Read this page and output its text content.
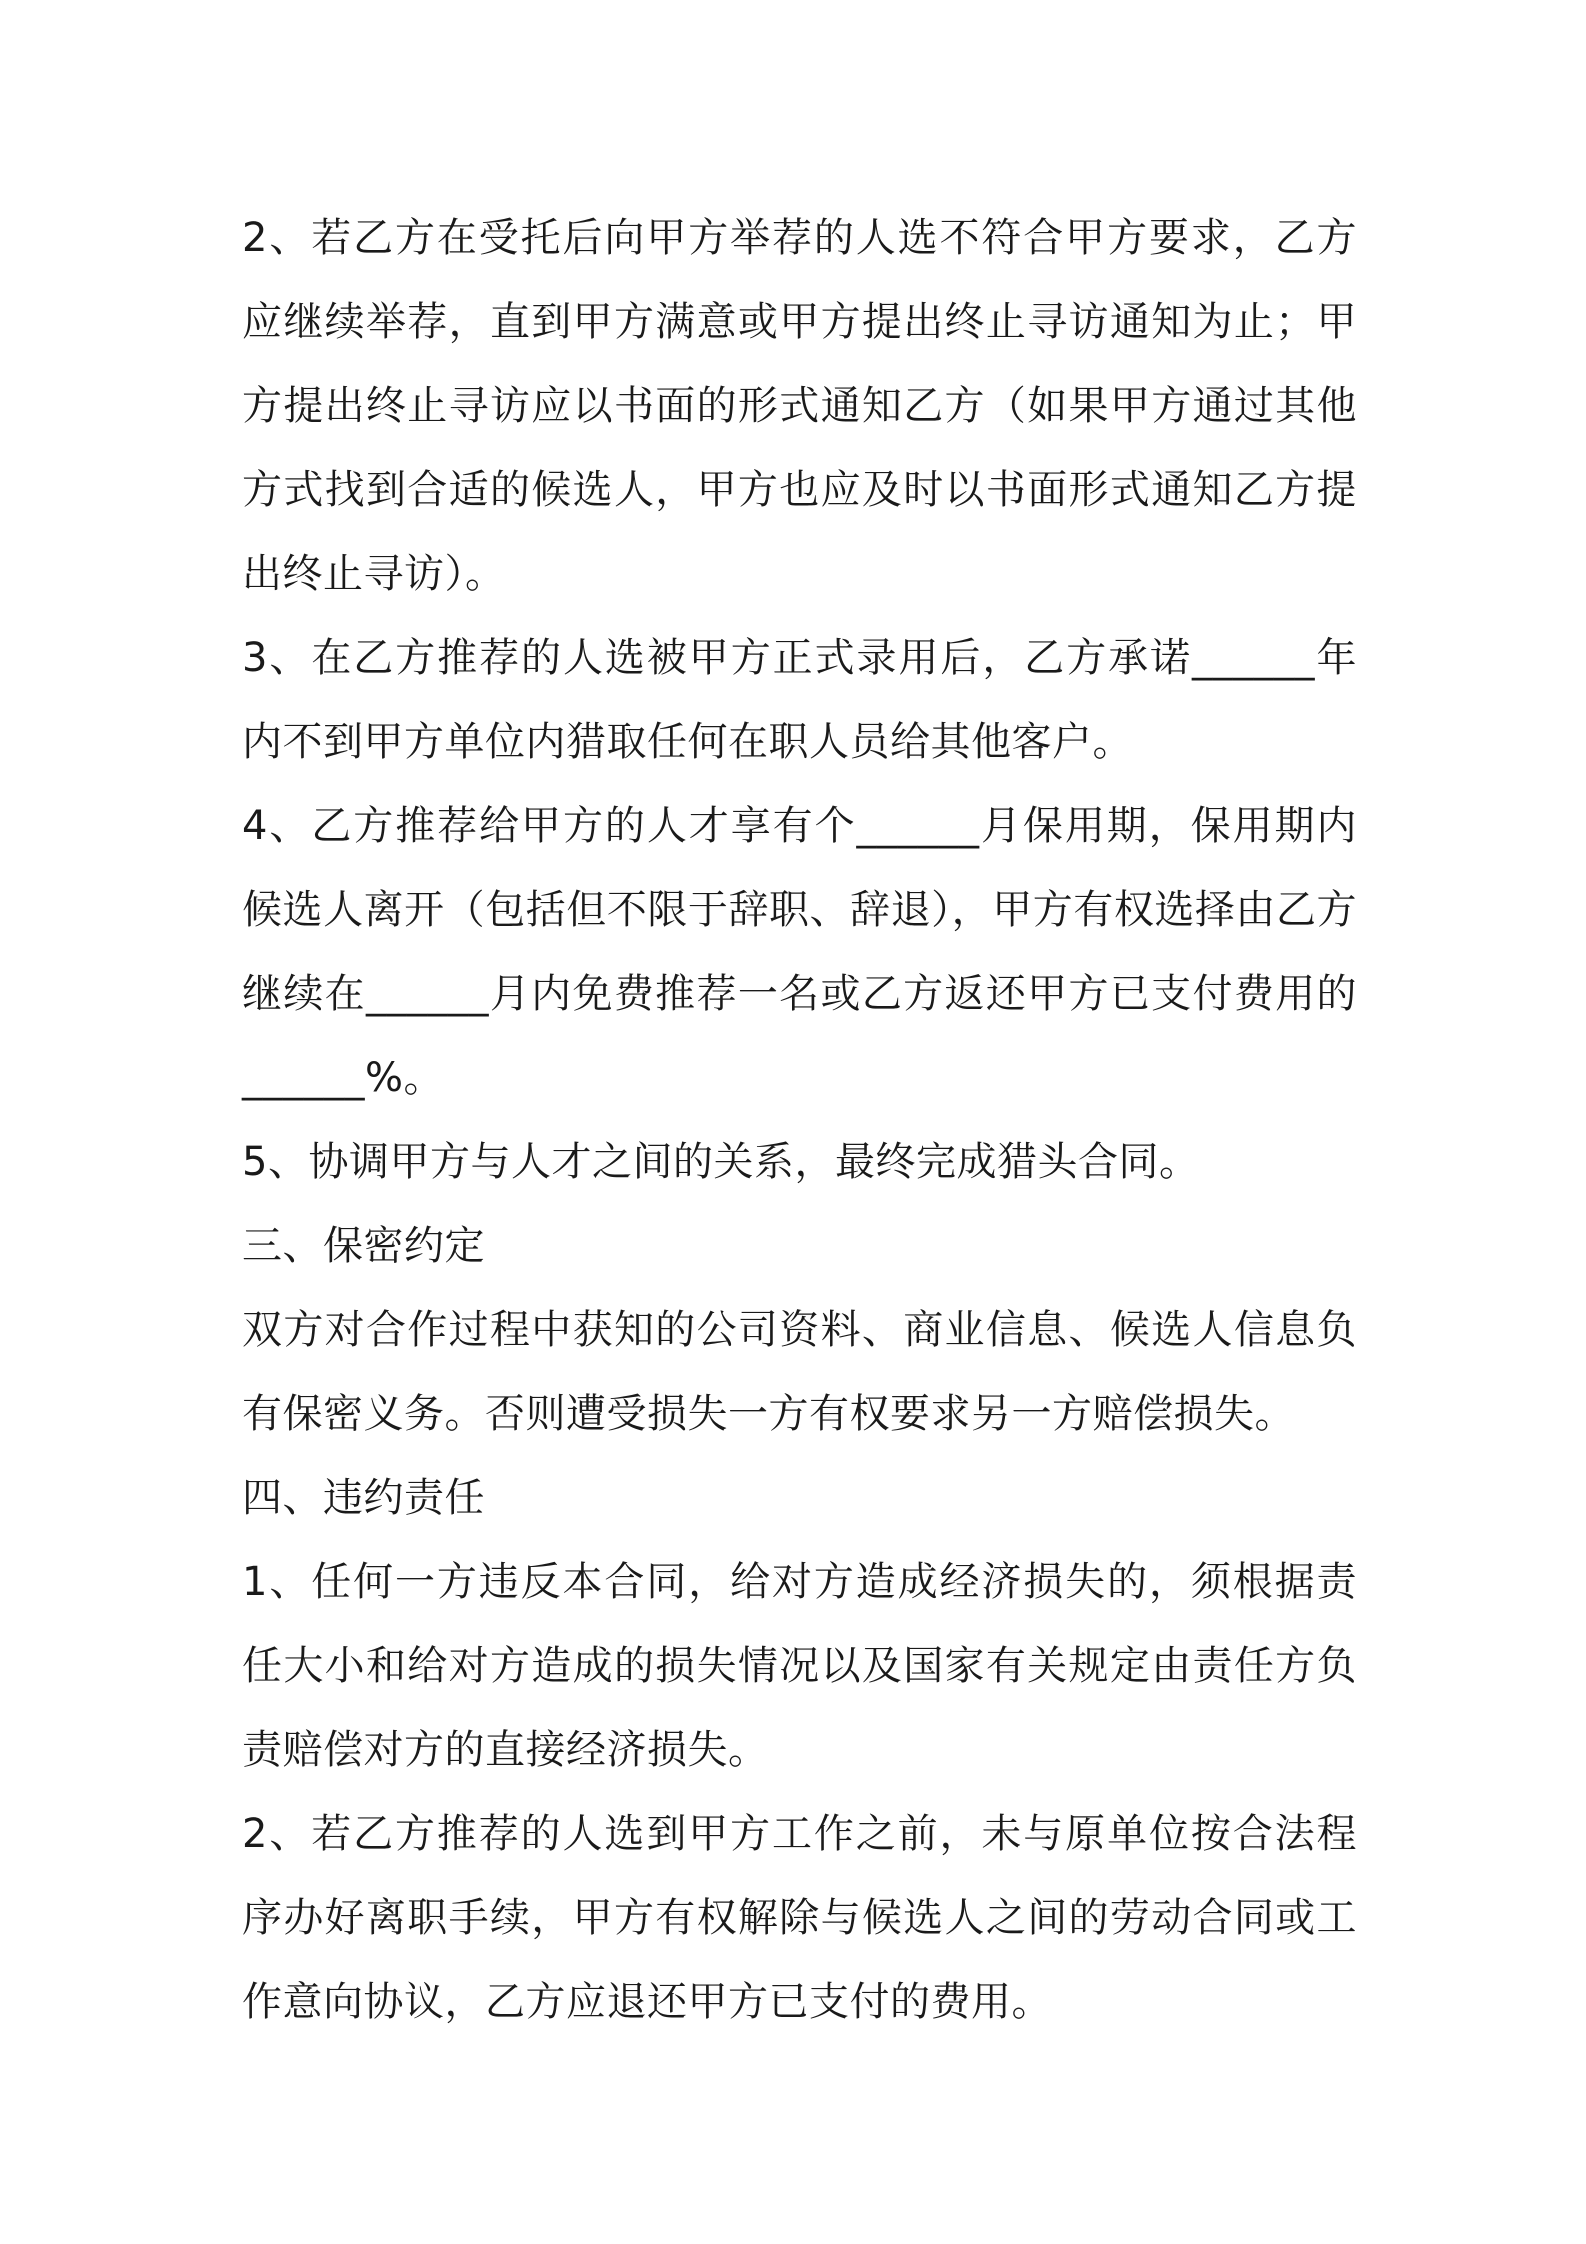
2、若乙方在受托后向甲方举荐的人选不符合甲方要求，乙方应继续举荐，直到甲方满意或甲方提出终止寻访通知为止；甲方提出终止寻访应以书面的形式通知乙方（如果甲方通过其他方式找到合适的候选人，甲方也应及时以书面形式通知乙方提出终止寻访）。

3、在乙方推荐的人选被甲方正式录用后，乙方承诺______年内不到甲方单位内猎取任何在职人员给其他客户。

4、乙方推荐给甲方的人才享有个______月保用期，保用期内候选人离开（包括但不限于辞职、辞退），甲方有权选择由乙方继续在______月内免费推荐一名或乙方返还甲方已支付费用的______%。

5、协调甲方与人才之间的关系，最终完成猎头合同。

三、保密约定

双方对合作过程中获知的公司资料、商业信息、候选人信息负有保密义务。否则遭受损失一方有权要求另一方赔偿损失。

四、违约责任

1、任何一方违反本合同，给对方造成经济损失的，须根据责任大小和给对方造成的损失情况以及国家有关规定由责任方负责赔偿对方的直接经济损失。

2、若乙方推荐的人选到甲方工作之前，未与原单位按合法程序办好离职手续，甲方有权解除与候选人之间的劳动合同或工作意向协议，乙方应退还甲方已支付的费用。
